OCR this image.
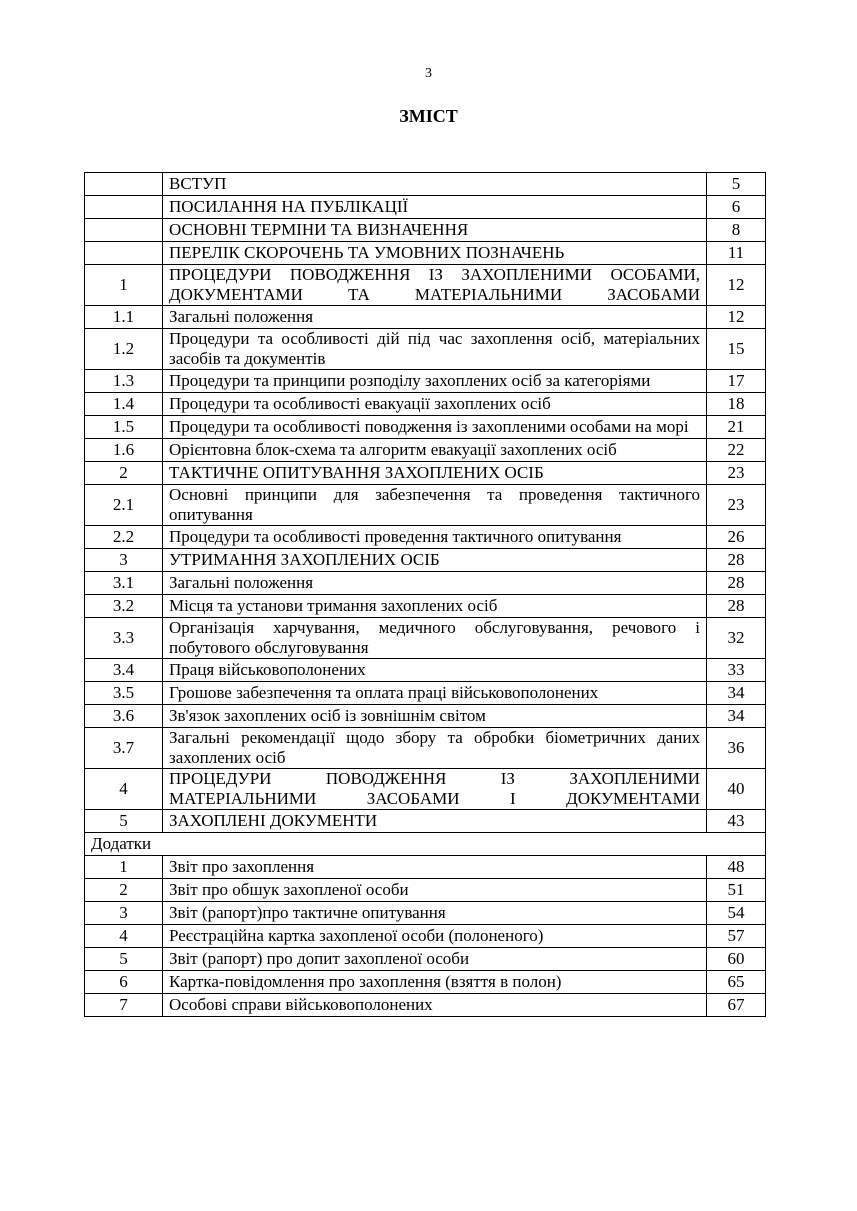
3
ЗМІСТ
	ВСТУП	5
	ПОСИЛАННЯ НА ПУБЛІКАЦІЇ	6
	ОСНОВНІ ТЕРМІНИ ТА ВИЗНАЧЕННЯ	8
	ПЕРЕЛІК СКОРОЧЕНЬ ТА УМОВНИХ ПОЗНАЧЕНЬ	11
1	ПРОЦЕДУРИ ПОВОДЖЕННЯ ІЗ ЗАХОПЛЕНИМИ ОСОБАМИ, ДОКУМЕНТАМИ ТА МАТЕРІАЛЬНИМИ ЗАСОБАМИ	12
1.1	Загальні положення	12
1.2	Процедури та особливості дій під час захоплення осіб, матеріальних засобів та документів	15
1.3	Процедури та принципи розподілу захоплених осіб за категоріями	17
1.4	Процедури та особливості евакуації захоплених осіб	18
1.5	Процедури та особливості поводження із захопленими особами на морі	21
1.6	Орієнтовна блок-схема та алгоритм евакуації захоплених осіб	22
2	ТАКТИЧНЕ ОПИТУВАННЯ ЗАХОПЛЕНИХ ОСІБ	23
2.1	Основні принципи для забезпечення та проведення тактичного опитування	23
2.2	Процедури та особливості проведення тактичного опитування	26
3	УТРИМАННЯ ЗАХОПЛЕНИХ ОСІБ	28
3.1	Загальні положення	28
3.2	Місця та установи тримання захоплених осіб	28
3.3	Організація харчування, медичного обслуговування, речового і побутового обслуговування	32
3.4	Праця військовополонених	33
3.5	Грошове забезпечення та оплата праці військовополонених	34
3.6	Зв'язок захоплених осіб із зовнішнім світом	34
3.7	Загальні рекомендації щодо збору та обробки біометричних даних захоплених осіб	36
4	ПРОЦЕДУРИ ПОВОДЖЕННЯ ІЗ ЗАХОПЛЕНИМИ МАТЕРІАЛЬНИМИ ЗАСОБАМИ І ДОКУМЕНТАМИ	40
5	ЗАХОПЛЕНІ ДОКУМЕНТИ	43
Додатки		
1	Звіт про захоплення	48
2	Звіт про обшук захопленої особи	51
3	Звіт (рапорт)про тактичне опитування	54
4	Реєстраційна картка захопленої особи (полоненого)	57
5	Звіт (рапорт) про допит захопленої особи	60
6	Картка-повідомлення про захоплення (взяття в полон)	65
7	Особові справи військовополонених	67
